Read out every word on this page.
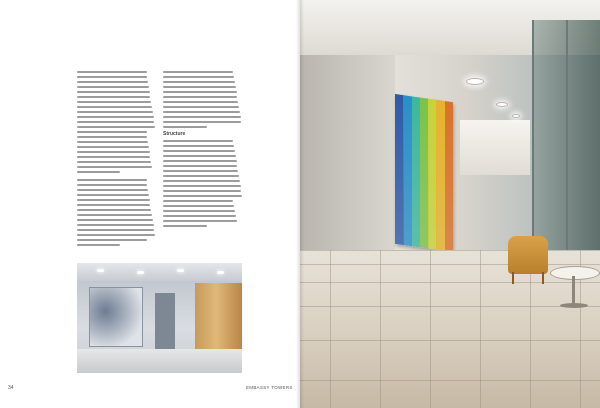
Structure
34	EMBASSY TOWERS
